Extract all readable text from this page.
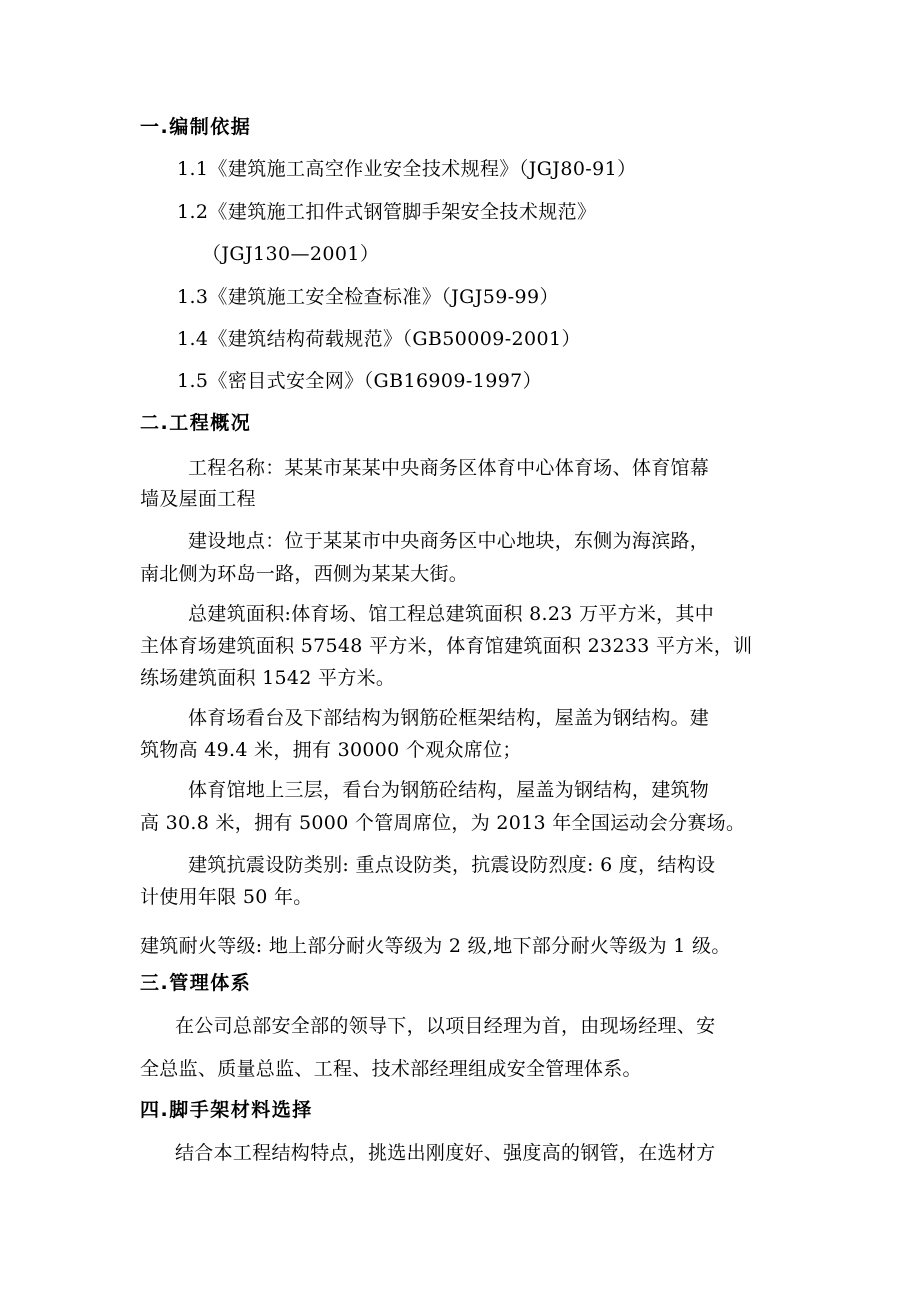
一.编制依据
1.1《建筑施工高空作业安全技术规程》（JGJ80-91）
1.2《建筑施工扣件式钢管脚手架安全技术规范》
（JGJ130—2001）
1.3《建筑施工安全检查标准》（JGJ59-99）
1.4《建筑结构荷载规范》（GB50009-2001）
1.5《密目式安全网》（GB16909-1997）
二.工程概况
工程名称：某某市某某中央商务区体育中心体育场、体育馆幕
墙及屋面工程
建设地点：位于某某市中央商务区中心地块，东侧为海滨路，
南北侧为环岛一路，西侧为某某大街。
总建筑面积:体育场、馆工程总建筑面积 8.23 万平方米，其中
主体育场建筑面积 57548 平方米，体育馆建筑面积 23233 平方米，训
练场建筑面积 1542 平方米。
体育场看台及下部结构为钢筋砼框架结构，屋盖为钢结构。建
筑物高 49.4 米，拥有 30000 个观众席位；
体育馆地上三层，看台为钢筋砼结构，屋盖为钢结构，建筑物
高 30.8 米，拥有 5000 个管周席位，为 2013 年全国运动会分赛场。
建筑抗震设防类别: 重点设防类，抗震设防烈度: 6 度，结构设
计使用年限 50 年。
建筑耐火等级: 地上部分耐火等级为 2 级,地下部分耐火等级为 1 级。
三.管理体系
在公司总部安全部的领导下，以项目经理为首，由现场经理、安
全总监、质量总监、工程、技术部经理组成安全管理体系。
四.脚手架材料选择
结合本工程结构特点，挑选出刚度好、强度高的钢管，在选材方
